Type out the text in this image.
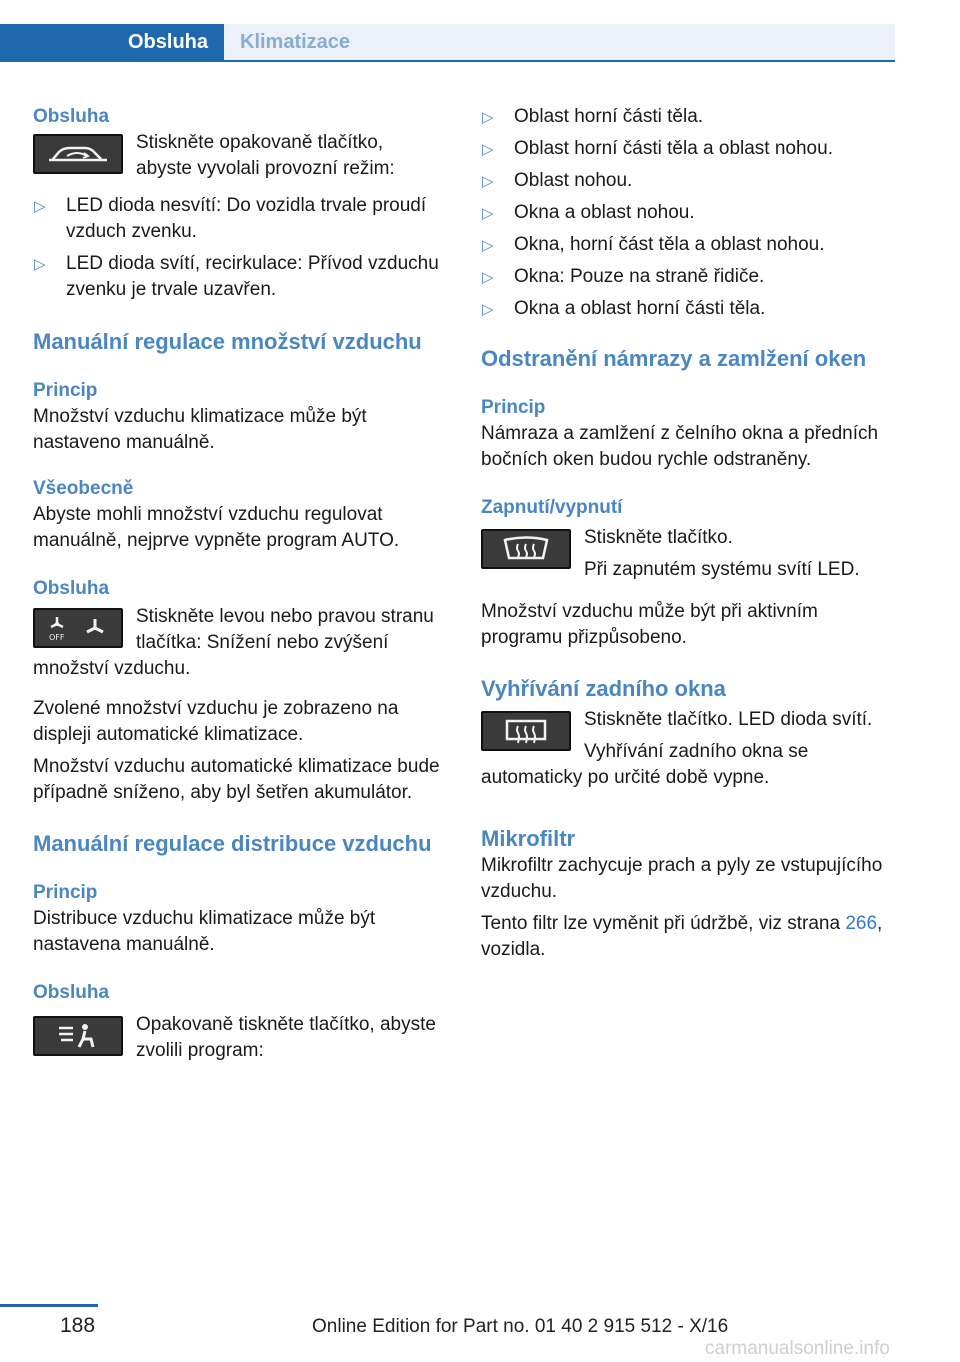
Obsluha	Klimatizace
Obsluha

Stiskněte opakovaně tlačítko, abyste vyvolali provozní režim:

▷ LED dioda nesvítí: Do vozidla trvale proudí vzduch zvenku.
▷ LED dioda svítí, recirkulace: Přívod vzduchu zvenku je trvale uzavřen.
Manuální regulace množství vzduchu
Princip

Množství vzduchu klimatizace může být nastaveno manuálně.

Všeobecně

Abyste mohli množství vzduchu regulovat manuálně, nejprve vypněte program AUTO.

Obsluha
OFF

Stiskněte levou nebo pravou stranu tlačítka: Snížení nebo zvýšení množství vzduchu.

Zvolené množství vzduchu je zobrazeno na displeji automatické klimatizace.

Množství vzduchu automatické klimatizace bude případně sníženo, aby byl šetřen akumulátor.

Manuální regulace distribuce vzduchu
Princip

Distribuce vzduchu klimatizace může být nastavena manuálně.

Obsluha

Opakovaně tiskněte tlačítko, abyste zvolili program:

▷ Oblast horní části těla.
▷ Oblast horní části těla a oblast nohou.
▷ Oblast nohou.
▷ Okna a oblast nohou.
▷ Okna, horní část těla a oblast nohou.
▷ Okna: Pouze na straně řidiče.
▷ Okna a oblast horní části těla.
Odstranění námrazy a zamlžení oken
Princip

Námraza a zamlžení z čelního okna a předních bočních oken budou rychle odstraněny.

Zapnutí/vypnutí

Stiskněte tlačítko.

Při zapnutém systému svítí LED.

Množství vzduchu může být při aktivním programu přizpůsobeno.

Vyhřívání zadního okna

Stiskněte tlačítko. LED dioda svítí.

Vyhřívání zadního okna se automaticky po určité době vypne.

Mikrofiltr

Mikrofiltr zachycuje prach a pyly ze vstupujícího vzduchu.

Tento filtr lze vyměnit při údržbě, viz strana 266, vozidla.

188	Online Edition for Part no. 01 40 2 915 512 - X/16
carmanualsonline.info
